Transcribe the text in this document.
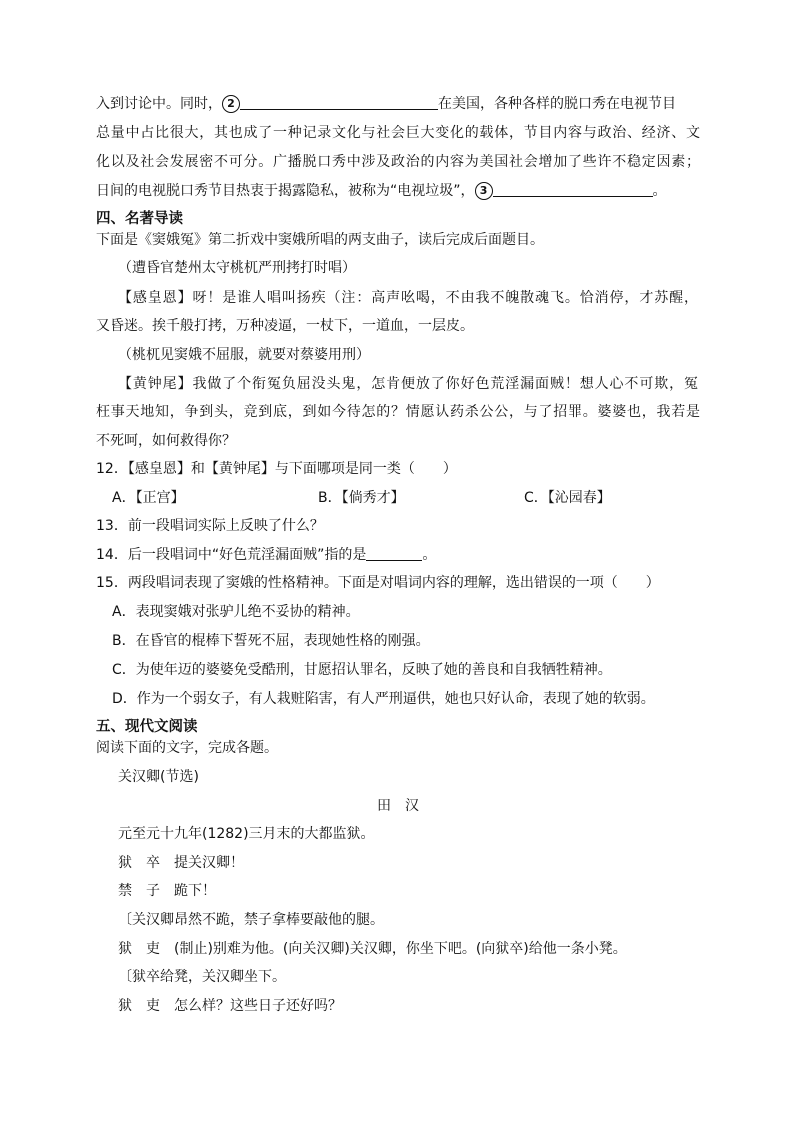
入到讨论中。同时， 2	在美国，各种各样的脱口秀在电视节目
总量中占比很大，其也成了一种记录文化与社会巨大变化的载体，节目内容与政治、经济、文
化以及社会发展密不可分。广播脱口秀中涉及政治的内容为美国社会增加了些许不稳定因素；
日间的电视脱口秀节目热衷于揭露隐私，被称为“电视垃圾”， 3	。
四、名著导读
下面是《窦娥冤》第二折戏中窦娥所唱的两支曲子，读后完成后面题目。
（遭昏官楚州太守桃杌严刑拷打时唱）
【感皇恩】呀！是谁人唱叫扬疾（注：高声吆喝，不由我不魄散魂飞。恰消停，才苏醒，
又昏迷。挨千般打拷，万种凌逼，一杖下，一道血，一层皮。
（桃杌见窦娥不屈服，就要对蔡婆用刑）
【黄钟尾】我做了个衔冤负屈没头鬼，怎肯便放了你好色荒淫漏面贼！想人心不可欺，冤
枉事天地知，争到头，竞到底，到如今待怎的？情愿认药杀公公，与了招罪。婆婆也，我若是
不死呵，如何救得你？
12．【感皇恩】和【黄钟尾】与下面哪项是同一类（　　）
A．【正宫】	B．【倘秀才】	C．【沁园春】
13．前一段唱词实际上反映了什么？
14．后一段唱词中“好色荒淫漏面贼”指的是	。
15．两段唱词表现了窦娥的性格精神。下面是对唱词内容的理解，选出错误的一项（　　）
A．表现窦娥对张驴儿绝不妥协的精神。
B．在昏官的棍棒下誓死不屈，表现她性格的刚强。
C．为使年迈的婆婆免受酷刑，甘愿招认罪名，反映了她的善良和自我牺牲精神。
D．作为一个弱女子，有人栽赃陷害，有人严刑逼供，她也只好认命，表现了她的软弱。
五、现代文阅读
阅读下面的文字，完成各题。
关汉卿(节选)
田　汉
元至元十九年(1282)三月末的大都监狱。
狱　卒　提关汉卿！
禁　子　跪下！
〔关汉卿昂然不跪，禁子拿棒要敲他的腿。
狱　吏　(制止)别难为他。(向关汉卿)关汉卿，你坐下吧。(向狱卒)给他一条小凳。
〔狱卒给凳，关汉卿坐下。
狱　吏　怎么样？这些日子还好吗？
